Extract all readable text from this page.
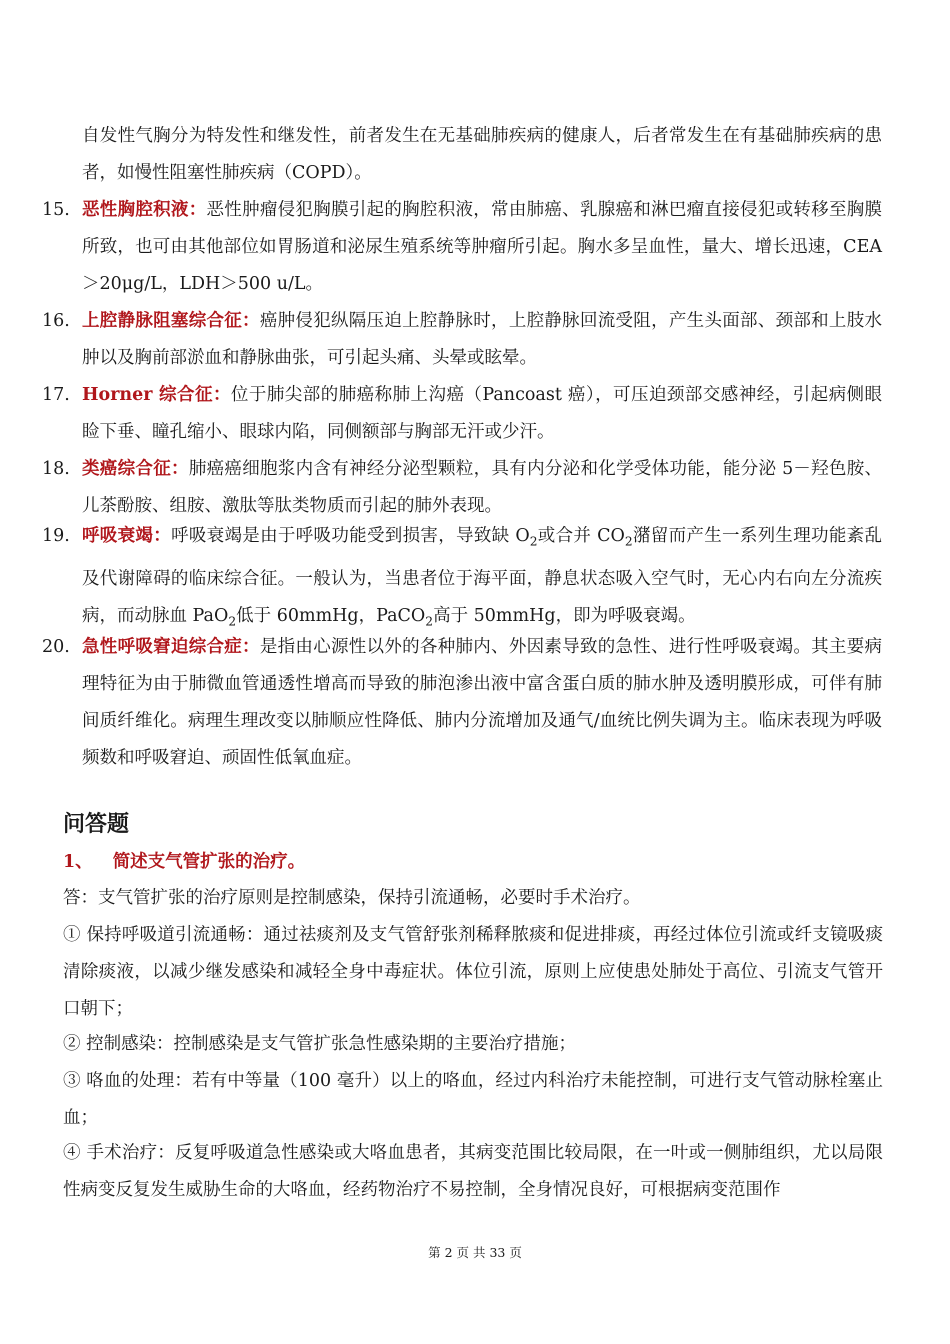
自发性气胸分为特发性和继发性，前者发生在无基础肺疾病的健康人，后者常发生在有基础肺疾病的患者，如慢性阻塞性肺疾病（COPD）。

15. 恶性胸腔积液：恶性肿瘤侵犯胸膜引起的胸腔积液，常由肺癌、乳腺癌和淋巴瘤直接侵犯或转移至胸膜所致，也可由其他部位如胃肠道和泌尿生殖系统等肿瘤所引起。胸水多呈血性，量大、增长迅速，CEA＞20μg/L，LDH＞500 u/L。

16. 上腔静脉阻塞综合征：癌肿侵犯纵隔压迫上腔静脉时，上腔静脉回流受阻，产生头面部、颈部和上肢水肿以及胸前部淤血和静脉曲张，可引起头痛、头晕或眩晕。

17. Horner 综合征：位于肺尖部的肺癌称肺上沟癌（Pancoast 癌），可压迫颈部交感神经，引起病侧眼睑下垂、瞳孔缩小、眼球内陷，同侧额部与胸部无汗或少汗。

18. 类癌综合征：肺癌癌细胞浆内含有神经分泌型颗粒，具有内分泌和化学受体功能，能分泌 5－羟色胺、儿茶酚胺、组胺、激肽等肽类物质而引起的肺外表现。

19. 呼吸衰竭：呼吸衰竭是由于呼吸功能受到损害，导致缺 $O_2$或合并 $CO_2$潴留而产生一系列生理功能紊乱及代谢障碍的临床综合征。一般认为，当患者位于海平面，静息状态吸入空气时，无心内右向左分流疾病，而动脉血 PaO$_2$低于 60mmHg，PaCO$_2$高于 50mmHg，即为呼吸衰竭。

20. 急性呼吸窘迫综合症：是指由心源性以外的各种肺内、外因素导致的急性、进行性呼吸衰竭。其主要病理特征为由于肺微血管通透性增高而导致的肺泡渗出液中富含蛋白质的肺水肿及透明膜形成，可伴有肺间质纤维化。病理生理改变以肺顺应性降低、肺内分流增加及通气/血统比例失调为主。临床表现为呼吸频数和呼吸窘迫、顽固性低氧血症。

问答题

1、 简述支气管扩张的治疗。

答：支气管扩张的治疗原则是控制感染，保持引流通畅，必要时手术治疗。

① 保持呼吸道引流通畅：通过祛痰剂及支气管舒张剂稀释脓痰和促进排痰，再经过体位引流或纤支镜吸痰清除痰液，以减少继发感染和减轻全身中毒症状。体位引流，原则上应使患处肺处于高位、引流支气管开口朝下；

② 控制感染：控制感染是支气管扩张急性感染期的主要治疗措施；

③ 咯血的处理：若有中等量（100 毫升）以上的咯血，经过内科治疗未能控制，可进行支气管动脉栓塞止血；

④ 手术治疗：反复呼吸道急性感染或大咯血患者，其病变范围比较局限，在一叶或一侧肺组织，尤以局限性病变反复发生威胁生命的大咯血，经药物治疗不易控制，全身情况良好，可根据病变范围作

第 2 页 共 33 页
